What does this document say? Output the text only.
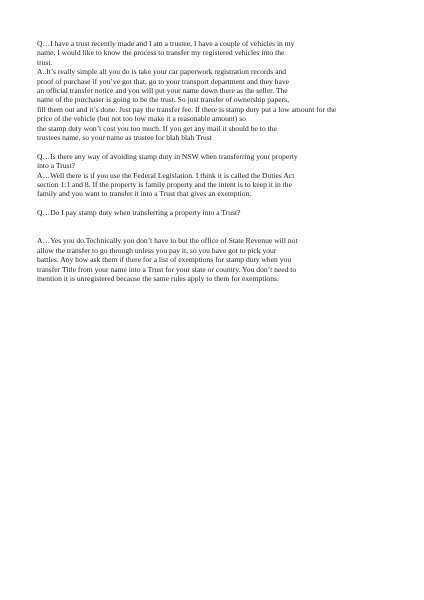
Q…I have a trust recently made and I am a trustee, I have a couple of vehicles in my
name, I would like to know the process to transfer my registered vehicles into the
trust.
A..It’s really simple all you do is take your car paperwork registration records and
proof of purchase if you’ve got that, go to your transport department and they have
an official transfer notice and you will put your name down there as the seller. The
name of the purchaser is going to be the trust. So just transfer of ownership papers,
fill them out and it’s done. Just pay the transfer fee. If there is stamp duty put a low amount for the
price of the vehicle (but not too low make it a reasonable amount) so
the stamp duty won’t cost you too much. If you get any mail it should be to the
trustees name, so your name as trustee for blah blah Trust
Q…Is there any way of avoiding stamp duty in NSW when transferring your property
into a Trust?
A…Well there is if you use the Federal Legislation. I think it is called the Duties Act
section 1:1 and 8. If the property is family property and the intent is to keep it in the
family and you want to transfer it into a Trust that gives an exemption.
Q…Do I pay stamp duty when transferring a property into a Trust?
A…Yes you do.Technically you don’t have to but the office of State Revenue will not
allow the transfer to go through unless you pay it, so you have got to pick your
battles. Any how ask them if there for a list of exemptions for stamp duty when you
transfer Title from your name into a Trust for your state or country. You don’t need to
mention it is unregistered because the same rules apply to them for exemptions.
